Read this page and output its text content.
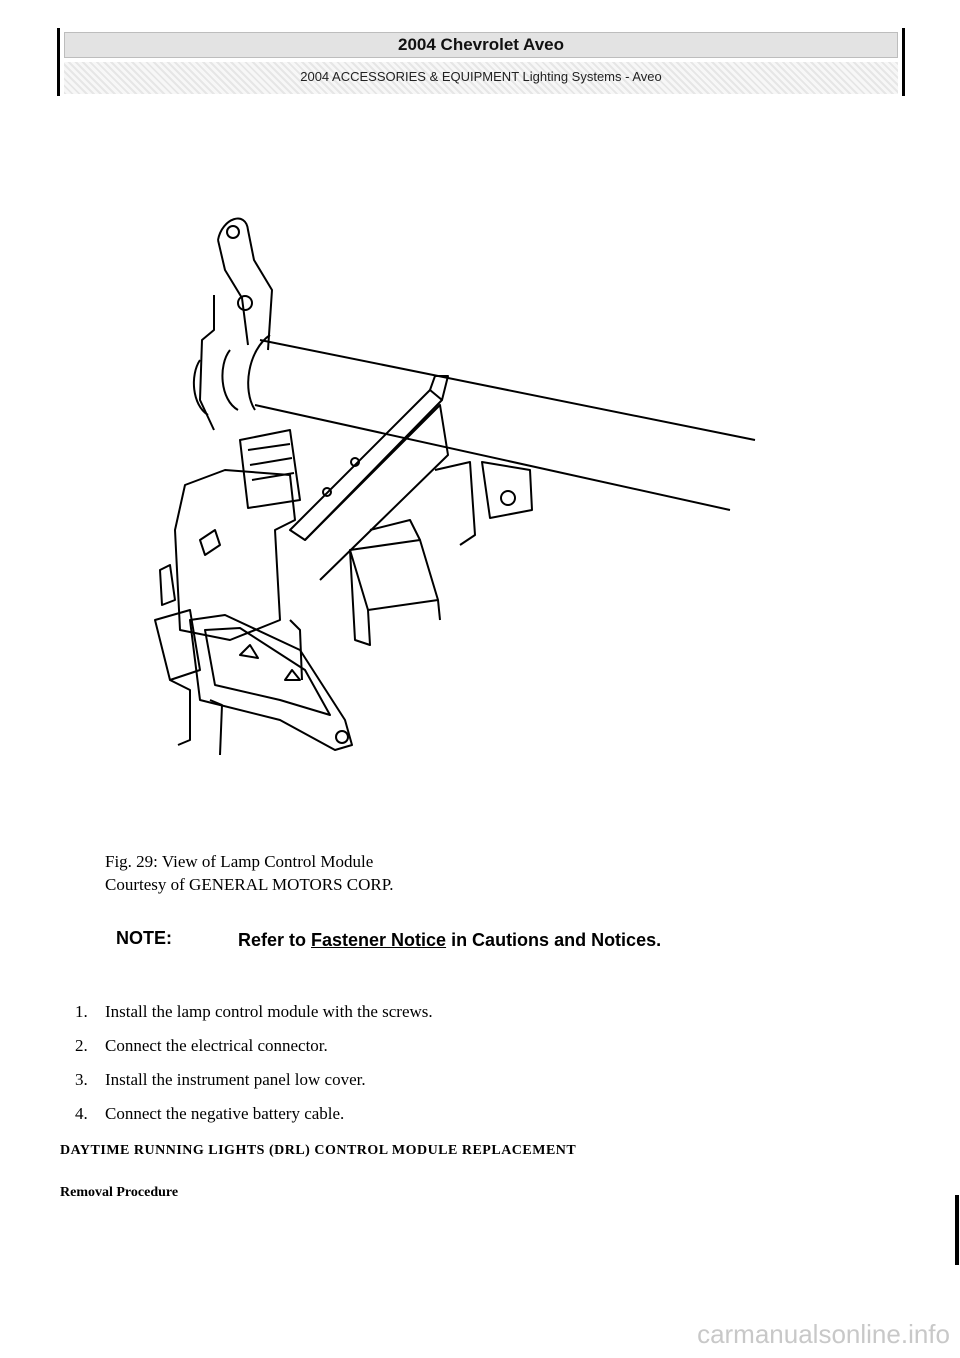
2004 Chevrolet Aveo
2004 ACCESSORIES & EQUIPMENT Lighting Systems - Aveo
Fig. 29: View of Lamp Control Module
Courtesy of GENERAL MOTORS CORP.
NOTE:	Refer to Fastener Notice in Cautions and Notices.
1.	Install the lamp control module with the screws.
2.	Connect the electrical connector.
3.	Install the instrument panel low cover.
4.	Connect the negative battery cable.
DAYTIME RUNNING LIGHTS (DRL) CONTROL MODULE REPLACEMENT
Removal Procedure
carmanualsonline.info
